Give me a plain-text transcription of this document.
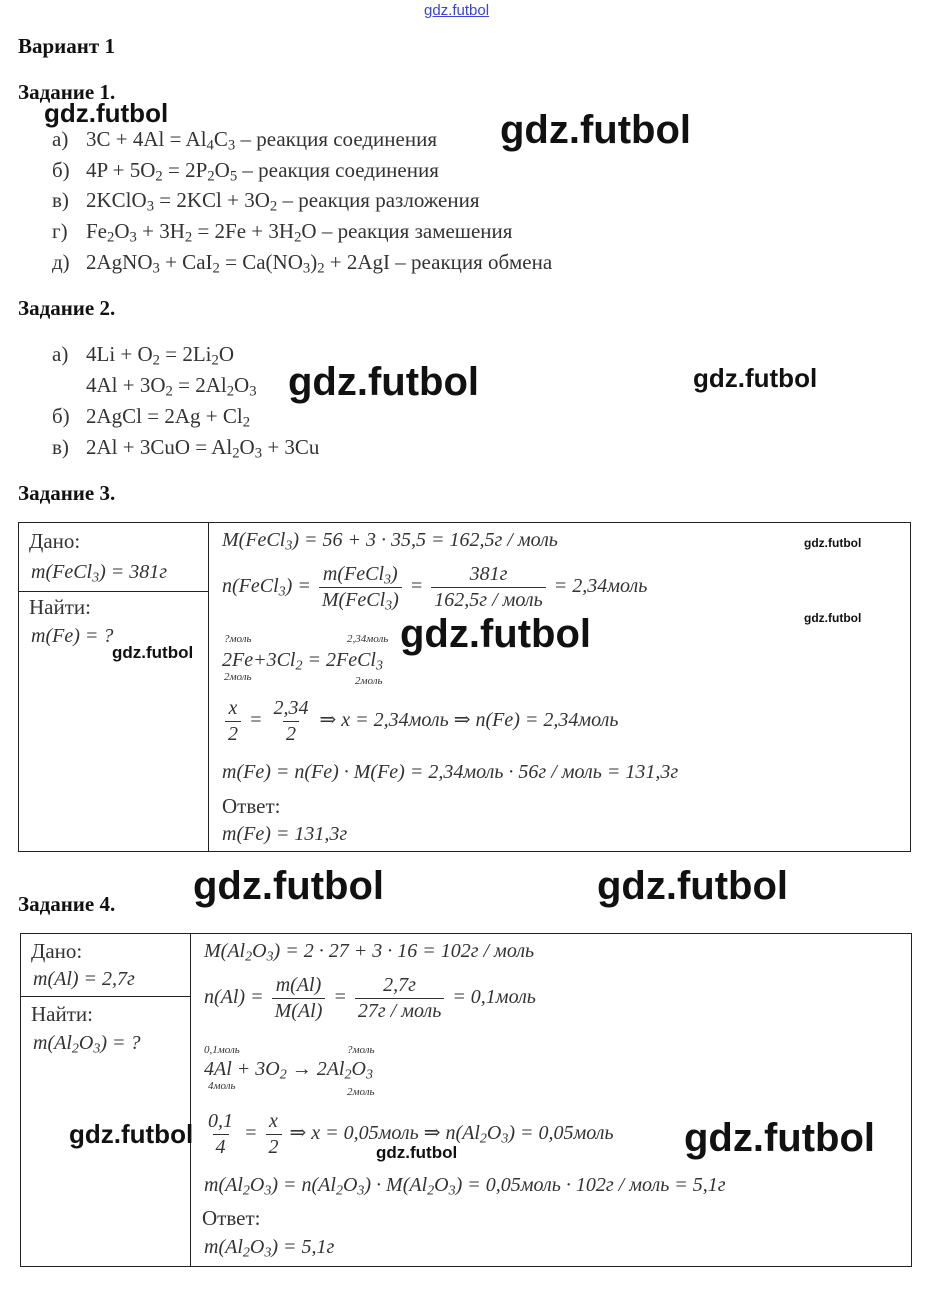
gdz.futbol
Вариант 1
Задание 1.
а) $3C + 4Al = Al_4C_3$ – реакция соединения
б) $4P + 5O_2 = 2P_2O_5$ – реакция соединения
в) 2KClO$_3$ = $2KCl + 3O_2$ – реакция разложения
г) $Fe_2O_3 + 3H_2 = 2Fe + 3H_2O$ – реакция замешения
д) 2AgNO$_3$ + $CaI_2 = Ca(NO_3)_2 + 2AgI$ – реакция обмена
Задание 2.
а) $4Li + O_2 = 2Li_2O$
$4Al + 3O_2 = 2Al_2O_3$
б) 2AgCl = $2Ag + Cl_2$
в) $2Al + 3CuO = Al_2O_3 + 3Cu$
Задание 3.
Дано:
m(FeCl$_3$) = 381г
Найти:
m(Fe) = ?
M(FeCl$_3$) = 56 + 3 · 35,5 = 162,5г / моль
n(FeCl$_3$) = $\frac{m(FeCl_3)}{M(FeCl_3)} = \frac{381г}{\text{162,5г / моль}}$ = 2,34моль
?моль	2,34моль
$2Fe+3Cl_2$ = 2FeCl$_3$
2моль	2моль
$\frac{x}{2} = \frac{2,34}{2}$ ⇒ x = 2,34моль ⇒ n(Fe) = 2,34моль
m(Fe) = n(Fe) · M(Fe) = 2,34моль · 56г / моль = 131,3г
Ответ:
m(Fe) = 131,3г
Задание 4.
Дано:
m(Al) = 2,7г
Найти:
$m(Al_2O_3)$ = ?
$M(Al_2O_3) = 2 \cdot 27 + 3 \cdot 16 = 102г$ / моль
$n(Al) = \frac{m(Al)}{M(Al)} = \frac{2,7г}{\text{27г / моль}}$ = 0,1моль
0,1моль	?моль
$4Al + 3O_2 \to 2Al_2O_3$
4моль	2моль
$\frac{0,1}{4} = \frac{x}{2}$ ⇒ x = 0,05моль ⇒ $n(Al_2O_3)$ = 0,05моль
$m(Al_2O_3) = n(Al_2O_3) \cdot M(Al_2O_3)$ = 0,05моль · 102г / моль = 5,1г
Ответ:
$m(Al_2O_3) = 5,1г$
gdz.futbol	gdz.futbol
gdz.futbol	gdz.futbol
gdz.futbol
gdz.futbol
gdz.futbol
gdz.futbol
gdz.futbol	gdz.futbol
gdz.futbol
gdz.futbol	gdz.futbol
